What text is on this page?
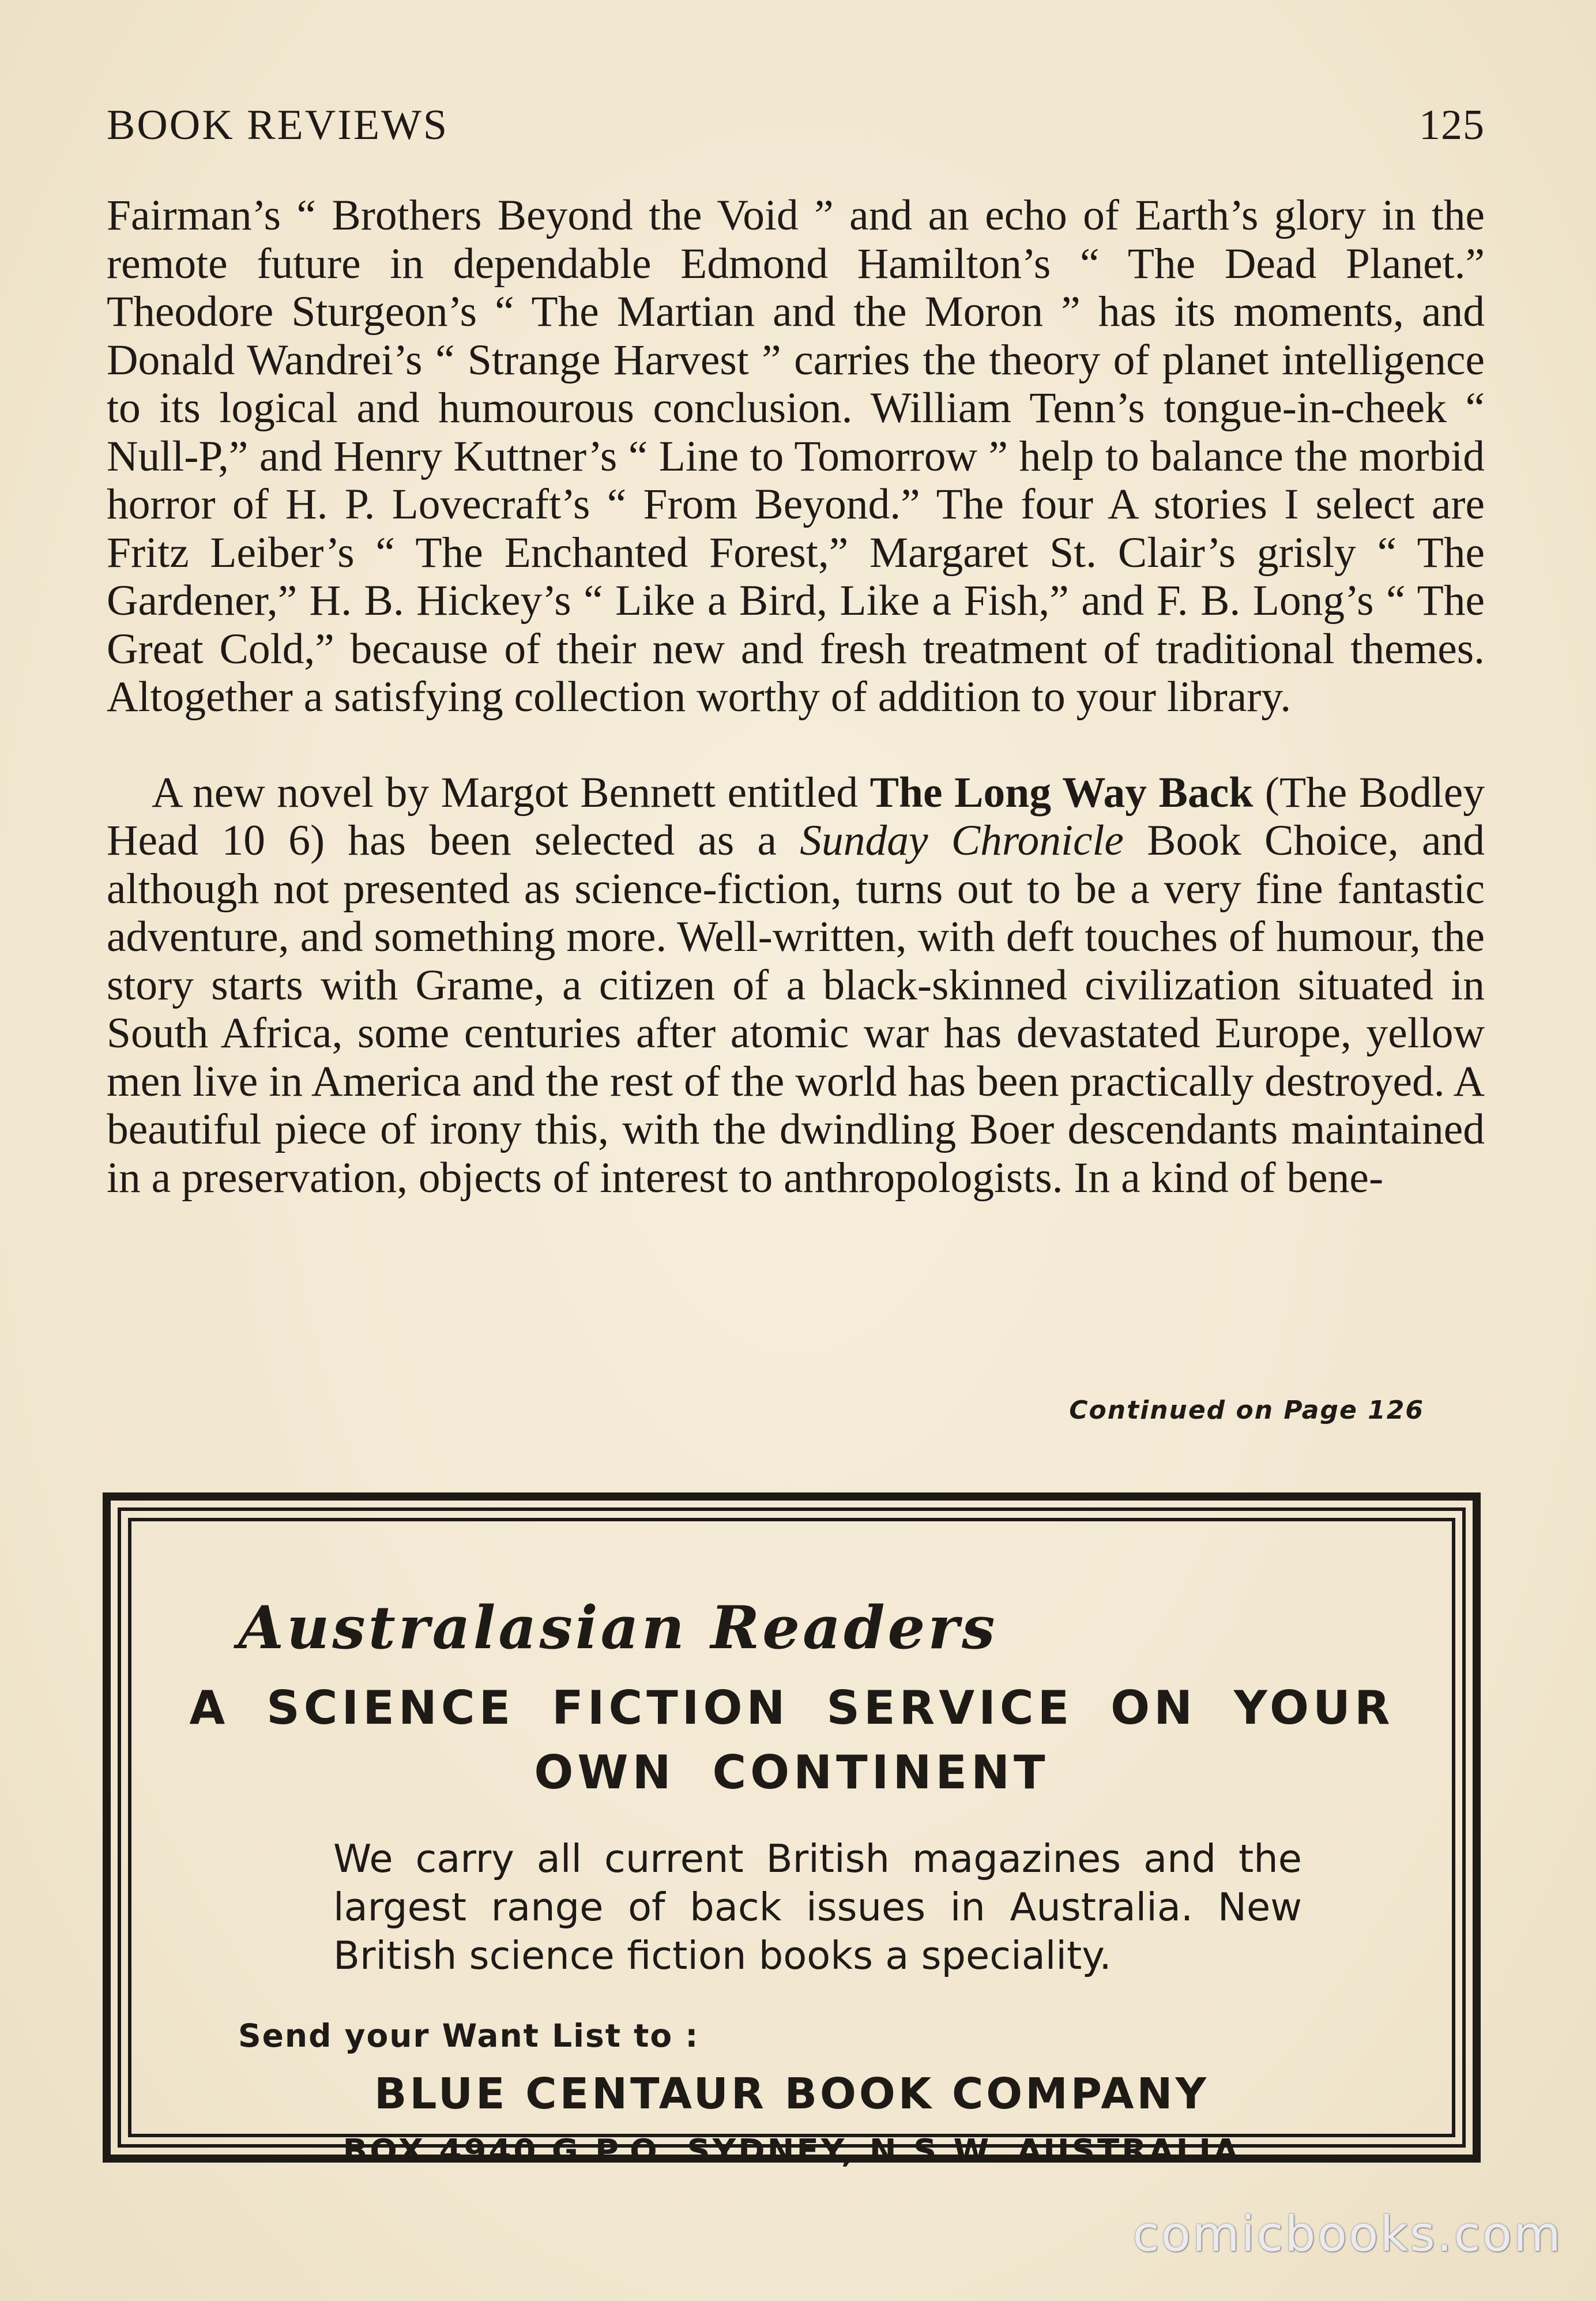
BOOK REVIEWS	125

Fairman’s “ Brothers Beyond the Void ” and an echo of Earth’s glory in the remote future in dependable Edmond Hamilton’s “ The Dead Planet.” Theodore Sturgeon’s “ The Martian and the Moron ” has its moments, and Donald Wandrei’s “ Strange Harvest ” carries the theory of planet intelligence to its logical and humourous conclusion. William Tenn’s tongue-in-cheek “ Null-P,” and Henry Kuttner’s “ Line to Tomorrow ” help to balance the morbid horror of H. P. Lovecraft’s “ From Beyond.” The four A stories I select are Fritz Leiber’s “ The Enchanted Forest,” Margaret St. Clair’s grisly “ The Gardener,” H. B. Hickey’s “ Like a Bird, Like a Fish,” and F. B. Long’s “ The Great Cold,” because of their new and fresh treatment of traditional themes. Altogether a satisfying collection worthy of addition to your library.

A new novel by Margot Bennett entitled The Long Way Back (The Bodley Head 10 6) has been selected as a Sunday Chronicle Book Choice, and although not presented as science-fiction, turns out to be a very fine fantastic adventure, and something more. Well-written, with deft touches of humour, the story starts with Grame, a citizen of a black-skinned civilization situated in South Africa, some centuries after atomic war has devastated Europe, yellow men live in America and the rest of the world has been practically destroyed. A beautiful piece of irony this, with the dwindling Boer descendants maintained in a preservation, objects of interest to anthropologists. In a kind of bene-

Continued on Page 126
Australasian Readers
A SCIENCE FICTION SERVICE ON YOUR
OWN CONTINENT
We carry all current British magazines and the largest range of back issues in Australia. New British science fiction books a speciality.
Send your Want List to :
BLUE CENTAUR BOOK COMPANY
BOX 4940 G.P.O. SYDNEY, N.S.W. AUSTRALIA
comicbooks.com
